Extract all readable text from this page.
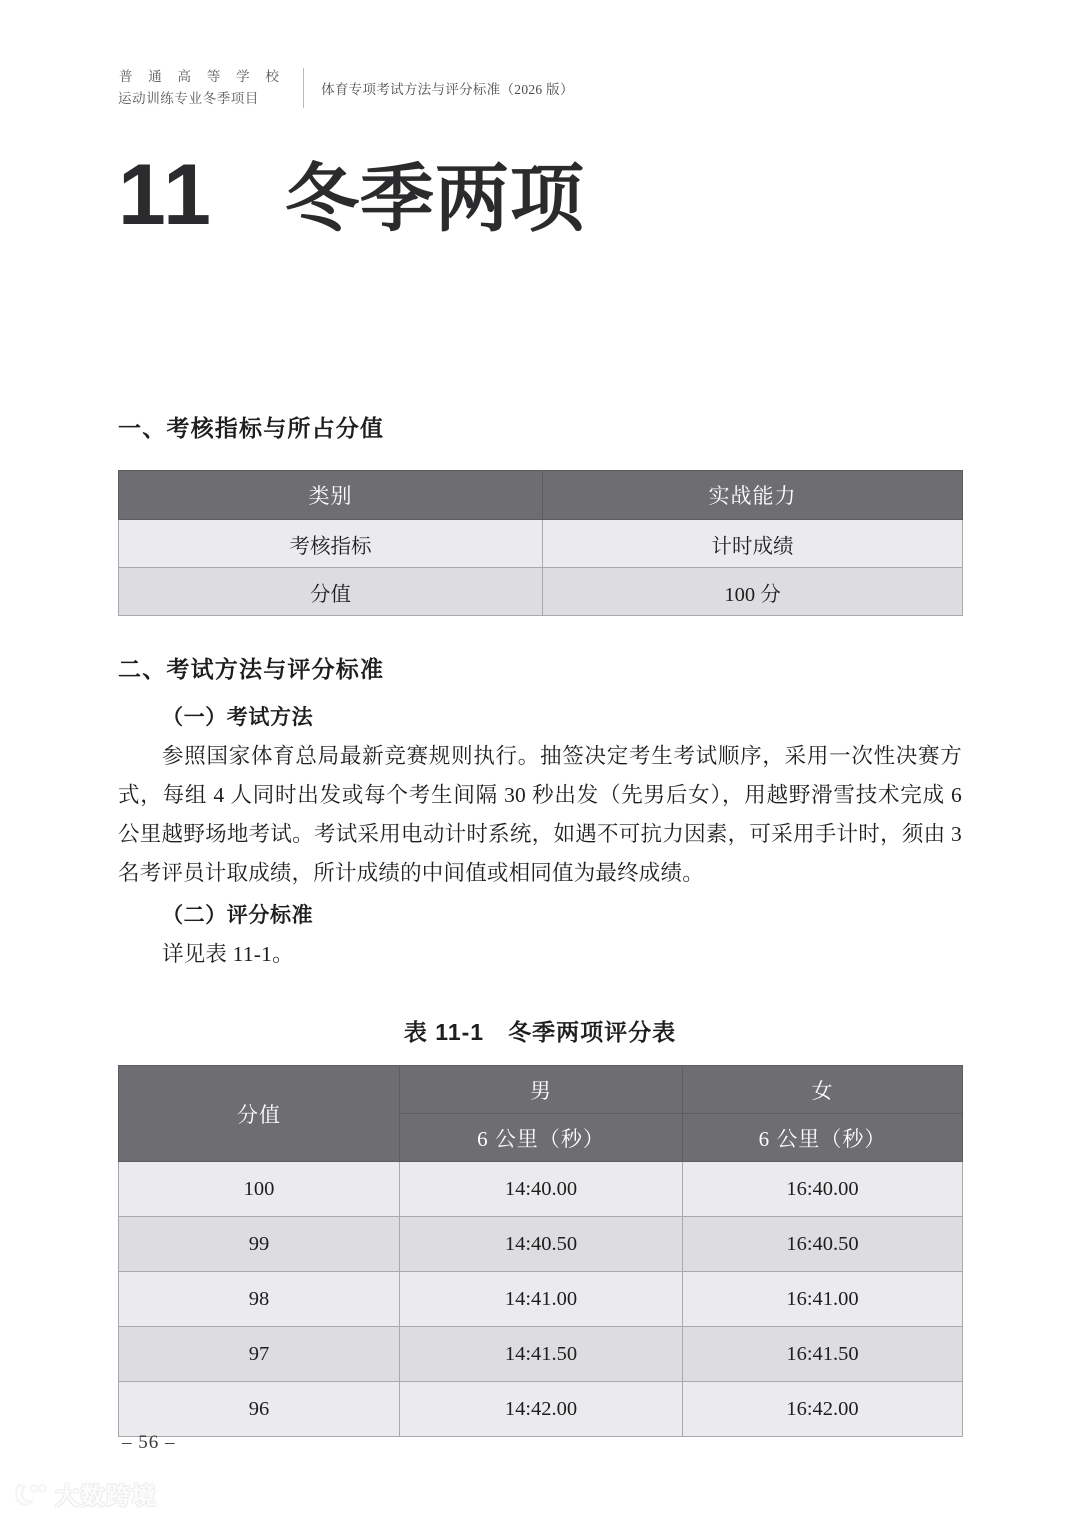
普 通 高 等 学 校
运动训练专业冬季项目
体育专项考试方法与评分标准（2026 版）
11 冬季两项
一、考核指标与所占分值
类别	实战能力
考核指标	计时成绩
分值	100 分
二、考试方法与评分标准
（一）考试方法

参照国家体育总局最新竞赛规则执行。抽签决定考生考试顺序，采用一次性决赛方式，每组 4 人同时出发或每个考生间隔 30 秒出发（先男后女），用越野滑雪技术完成 6 公里越野场地考试。考试采用电动计时系统，如遇不可抗力因素，可采用手计时，须由 3 名考评员计取成绩，所计成绩的中间值或相同值为最终成绩。

（二）评分标准

详见表 11-1。

表 11-1　冬季两项评分表
分值	男	女
	6 公里（秒）	6 公里（秒）
100	14:40.00	16:40.00
99	14:40.50	16:40.50
98	14:41.00	16:41.00
97	14:41.50	16:41.50
96	14:42.00	16:42.00
– 56 –
大数跨境
